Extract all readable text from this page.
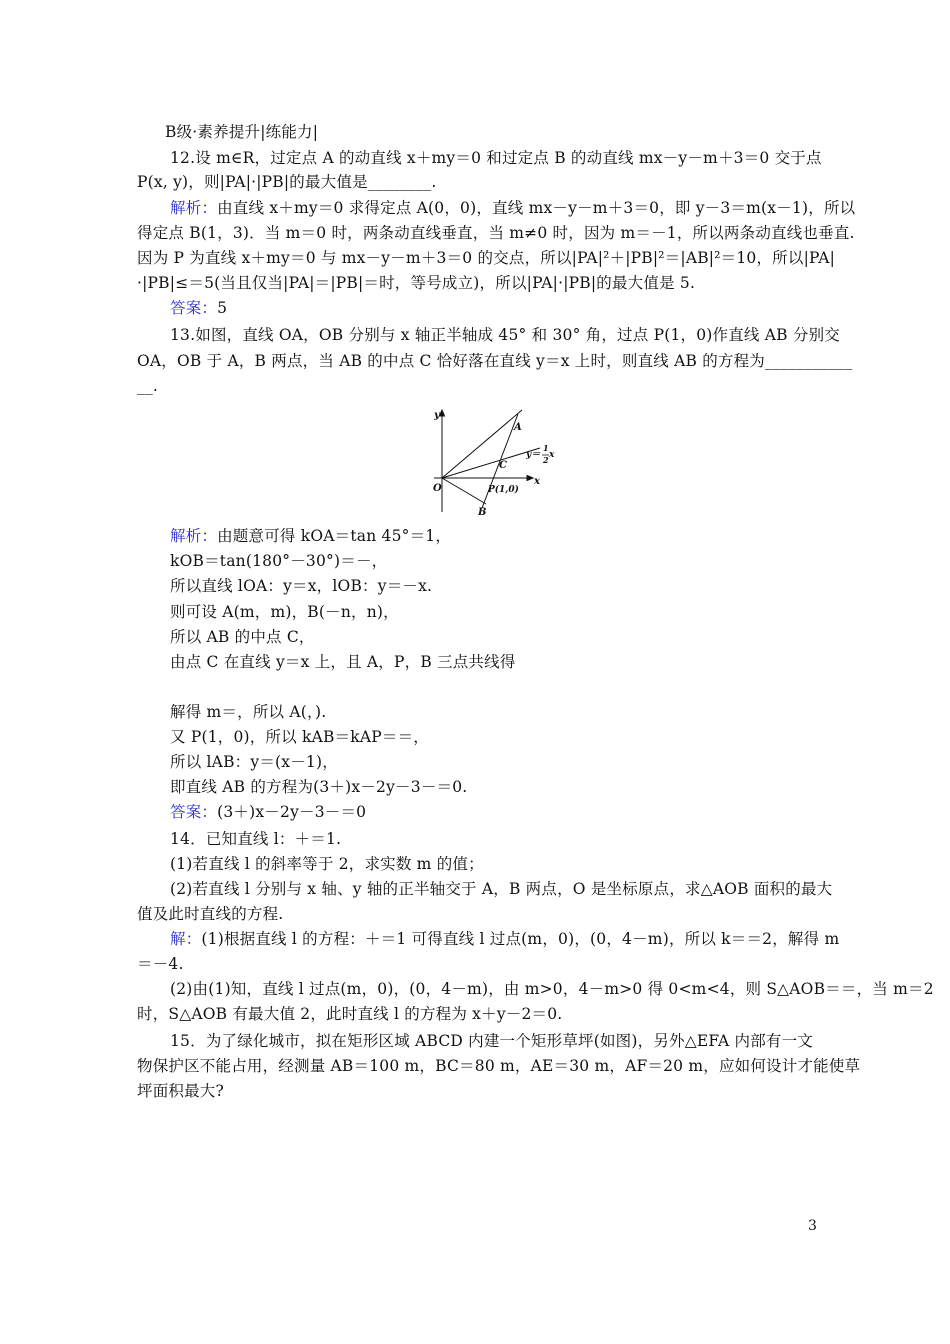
B级·素养提升|练能力|
12.设 m∈R，过定点 A 的动直线 x＋my＝0 和过定点 B 的动直线 mx－y－m＋3＝0 交于点
P(x, y)，则|PA|·|PB|的最大值是________.
解析：由直线 x＋my＝0 求得定点 A(0，0)，直线 mx－y－m＋3＝0，即 y－3＝m(x－1)，所以
得定点 B(1，3)．当 m＝0 时，两条动直线垂直，当 m≠0 时，因为 m＝－1，所以两条动直线也垂直.
因为 P 为直线 x＋my＝0 与 mx－y－m＋3＝0 的交点，所以|PA|²＋|PB|²＝|AB|²＝10，所以|PA|
·|PB|≤＝5(当且仅当|PA|＝|PB|＝时，等号成立)，所以|PA|·|PB|的最大值是 5.
答案：5
13.如图，直线 OA，OB 分别与 x 轴正半轴成 45° 和 30° 角，过点 P(1，0)作直线 AB 分别交
OA，OB 于 A，B 两点，当 AB 的中点 C 恰好落在直线 y＝x 上时，则直线 AB 的方程为___________
__.
解析：由题意可得 kOA＝tan 45°＝1，
kOB＝tan(180°－30°)＝－，
所以直线 lOA：y＝x，lOB：y＝－x.
则可设 A(m，m)，B(－n，n)，
所以 AB 的中点 C，
由点 C 在直线 y＝x 上，且 A，P，B 三点共线得
解得 m＝，所以 A(，).
又 P(1，0)，所以 kAB＝kAP＝＝，
所以 lAB：y＝(x－1)，
即直线 AB 的方程为(3＋)x－2y－3－＝0.
答案：(3＋)x－2y－3－＝0
14．已知直线 l：＋＝1.
(1)若直线 l 的斜率等于 2，求实数 m 的值；
(2)若直线 l 分别与 x 轴、y 轴的正半轴交于 A，B 两点，O 是坐标原点，求△AOB 面积的最大
值及此时直线的方程.
解：(1)根据直线 l 的方程：＋＝1 可得直线 l 过点(m，0)，(0，4－m)，所以 k＝＝2，解得 m
＝－4.
(2)由(1)知，直线 l 过点(m，0)，(0，4－m)，由 m>0，4－m>0 得 0<m<4，则 S△AOB＝＝，当 m＝2
时，S△AOB 有最大值 2，此时直线 l 的方程为 x＋y－2＝0.
15．为了绿化城市，拟在矩形区域 ABCD 内建一个矩形草坪(如图)，另外△EFA 内部有一文
物保护区不能占用，经测量 AB＝100 m，BC＝80 m，AE＝30 m，AF＝20 m，应如何设计才能使草
坪面积最大?
y
x
O
A
B
C
P(1,0)
y＝
1
2 x
3
